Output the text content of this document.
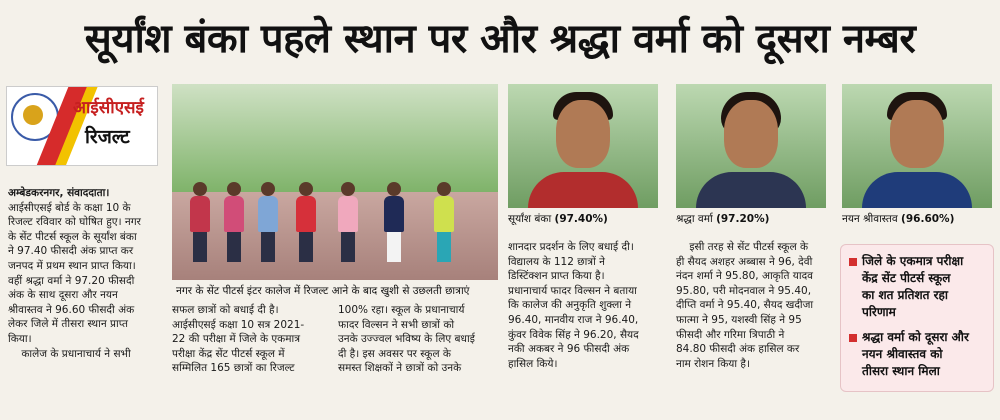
सूर्यांश बंका पहले स्थान पर और श्रद्धा वर्मा को दूसरा नम्बर
आईसीएसई
रिजल्ट
नगर के सेंट पीटर्स इंटर कालेज में रिजल्ट आने के बाद खुशी से उछलती छात्राएं
सूर्यांश बंका (97.40%)	श्रद्धा वर्मा (97.20%)	नयन श्रीवास्तव (96.60%)

अम्बेडकरनगर, संवाददाता।

आईसीएसई बोर्ड के कक्षा 10 के

रिजल्ट रविवार को घोषित हुए। नगर

के सेंट पीटर्स स्कूल के सूर्यांश बंका

ने 97.40 फीसदी अंक प्राप्त कर

जनपद में प्रथम स्थान प्राप्त किया।

वहीं श्रद्धा वर्मा ने 97.20 फीसदी

अंक के साथ दूसरा और नयन

श्रीवास्तव ने 96.60 फीसदी अंक

लेकर जिले में तीसरा स्थान प्राप्त

किया।

कालेज के प्रधानाचार्य ने सभी

सफल छात्रों को बधाई दी है।

आईसीएसई कक्षा 10 सत्र 2021-

22 की परीक्षा में जिले के एकमात्र

परीक्षा केंद्र सेंट पीटर्स स्कूल में

सम्मिलित 165 छात्रों का रिजल्ट

100% रहा। स्कूल के प्रधानाचार्य

फादर विल्सन ने सभी छात्रों को

उनके उज्ज्वल भविष्य के लिए बधाई

दी है। इस अवसर पर स्कूल के

समस्त शिक्षकों ने छात्रों को उनके

शानदार प्रदर्शन के लिए बधाई दी।

विद्यालय के 112 छात्रों ने

डिस्टिंक्शन प्राप्त किया है।

प्रधानाचार्य फादर विल्सन ने बताया

कि कालेज की अनुकृति शुक्ला ने

96.40, मानवीय राज ने 96.40,

कुंवर विवेक सिंह ने 96.20, सैयद

नकी अकबर ने 96 फीसदी अंक

हासिल किये।

इसी तरह से सेंट पीटर्स स्कूल के

ही सैयद अशहर अब्बास ने 96, देवी

नंदन शर्मा ने 95.80, आकृति यादव

95.80, परी मोदनवाल ने 95.40,

दीप्ति वर्मा ने 95.40, सैयद खदीजा

फात्मा ने 95, यशस्वी सिंह ने 95

फीसदी और गरिमा त्रिपाठी ने

84.80 फीसदी अंक हासिल कर

नाम रोशन किया है।

जिले के एकमात्र परीक्षा

केंद्र सेंट पीटर्स स्कूल

का शत प्रतिशत रहा

परिणाम

श्रद्धा वर्मा को दूसरा और

नयन श्रीवास्तव को

तीसरा स्थान मिला
